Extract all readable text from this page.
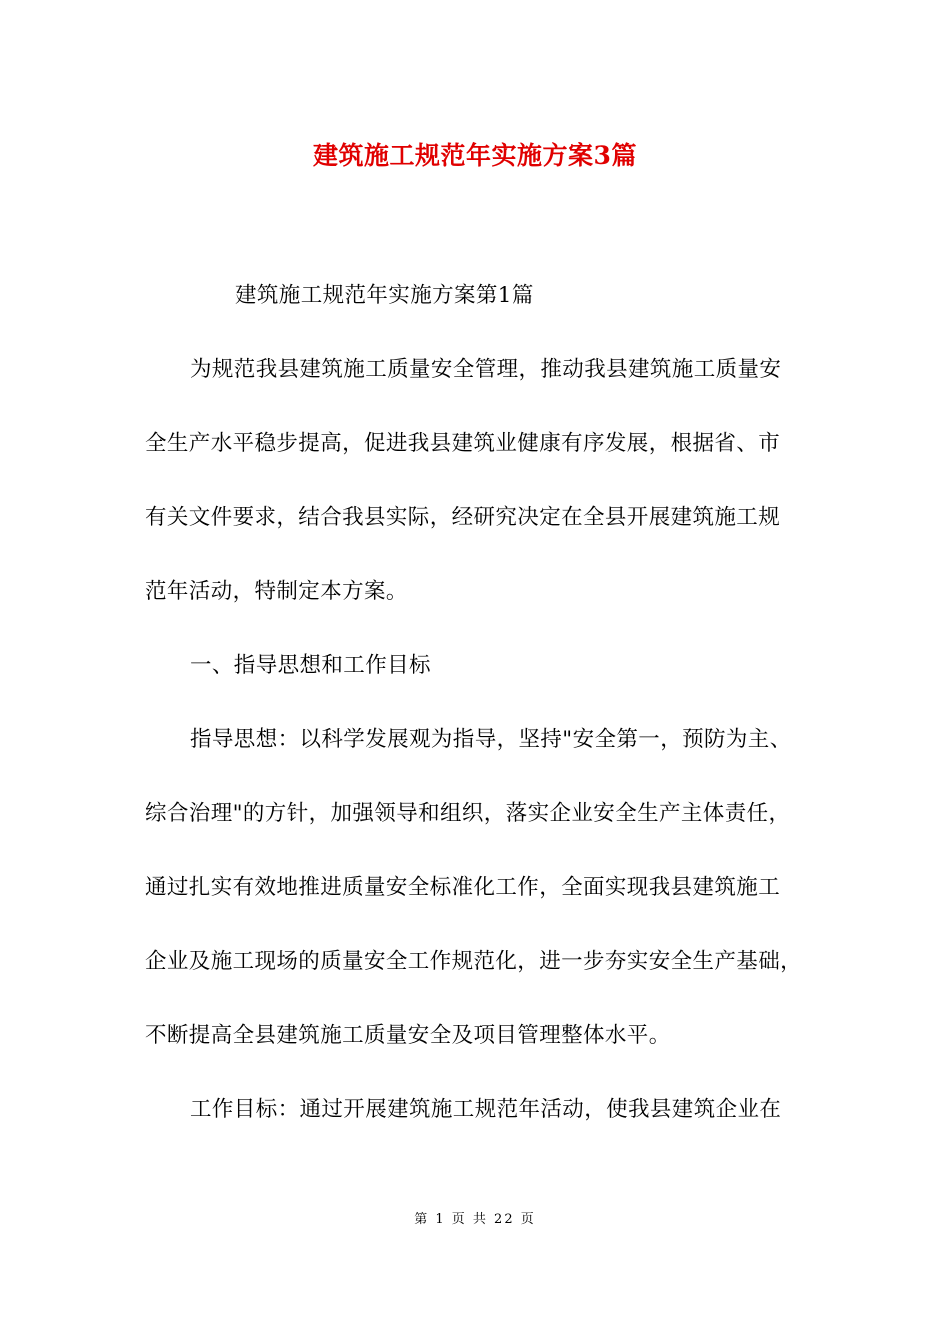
建筑施工规范年实施方案3篇
建筑施工规范年实施方案第1篇
为规范我县建筑施工质量安全管理，推动我县建筑施工质量安
全生产水平稳步提高，促进我县建筑业健康有序发展，根据省、市
有关文件要求，结合我县实际，经研究决定在全县开展建筑施工规
范年活动，特制定本方案。
一、指导思想和工作目标
指导思想：以科学发展观为指导，坚持"安全第一，预防为主、
综合治理"的方针，加强领导和组织，落实企业安全生产主体责任，
通过扎实有效地推进质量安全标准化工作，全面实现我县建筑施工
企业及施工现场的质量安全工作规范化，进一步夯实安全生产基础，
不断提高全县建筑施工质量安全及项目管理整体水平。
工作目标：通过开展建筑施工规范年活动，使我县建筑企业在
第 1 页 共 22 页
